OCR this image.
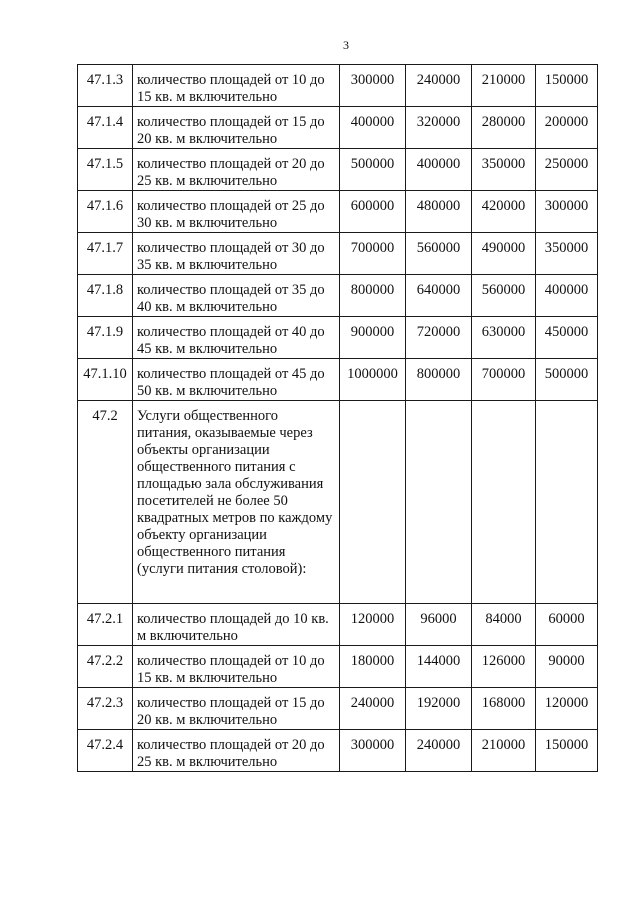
3
47.1.3	количество площадей от 10 до 15 кв. м включительно	300000	240000	210000	150000
47.1.4	количество площадей от 15 до 20 кв. м включительно	400000	320000	280000	200000
47.1.5	количество площадей от 20 до 25 кв. м включительно	500000	400000	350000	250000
47.1.6	количество площадей от 25 до 30 кв. м включительно	600000	480000	420000	300000
47.1.7	количество площадей от 30 до 35 кв. м включительно	700000	560000	490000	350000
47.1.8	количество площадей от 35 до 40 кв. м включительно	800000	640000	560000	400000
47.1.9	количество площадей от 40 до 45 кв. м включительно	900000	720000	630000	450000
47.1.10	количество площадей от 45 до 50 кв. м включительно	1000000	800000	700000	500000
47.2	Услуги общественного питания, оказываемые через объекты организации общественного питания с площадью зала обслуживания посетителей не более 50 квадратных метров по каждому объекту организации общественного питания (услуги питания столовой):				
47.2.1	количество площадей до 10 кв. м включительно	120000	96000	84000	60000
47.2.2	количество площадей от 10 до 15 кв. м включительно	180000	144000	126000	90000
47.2.3	количество площадей от 15 до 20 кв. м включительно	240000	192000	168000	120000
47.2.4	количество площадей от 20 до 25 кв. м включительно	300000	240000	210000	150000
